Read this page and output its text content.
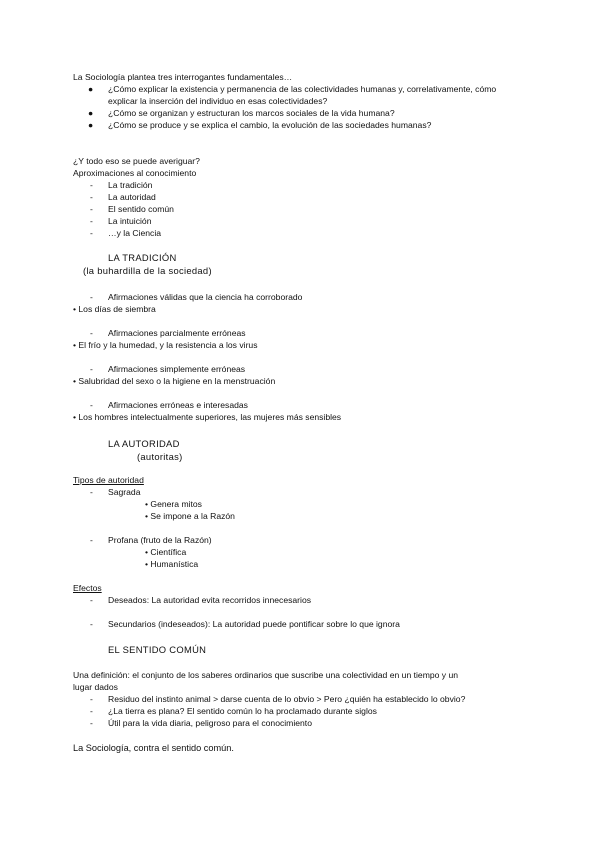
La Sociología plantea tres interrogantes fundamentales…
● ¿Cómo explicar la existencia y permanencia de las colectividades humanas y, correlativamente, cómo
explicar la inserción del individuo en esas colectividades?
● ¿Cómo se organizan y estructuran los marcos sociales de la vida humana?
● ¿Cómo se produce y se explica el cambio, la evolución de las sociedades humanas?
¿Y todo eso se puede averiguar?
Aproximaciones al conocimiento
- La tradición
- La autoridad
- El sentido común
- La intuición
- …y la Ciencia
LA TRADICIÓN
(la buhardilla de la sociedad)
- Afirmaciones válidas que la ciencia ha corroborado
• Los días de siembra
- Afirmaciones parcialmente erróneas
• El frío y la humedad, y la resistencia a los virus
- Afirmaciones simplemente erróneas
• Salubridad del sexo o la higiene en la menstruación
- Afirmaciones erróneas e interesadas
• Los hombres intelectualmente superiores, las mujeres más sensibles
LA AUTORIDAD
(autoritas)
Tipos de autoridad
- Sagrada
• Genera mitos
• Se impone a la Razón
- Profana (fruto de la Razón)
• Científica
• Humanística
Efectos
- Deseados: La autoridad evita recorridos innecesarios
- Secundarios (indeseados): La autoridad puede pontificar sobre lo que ignora
EL SENTIDO COMÚN
Una definición: el conjunto de los saberes ordinarios que suscribe una colectividad en un tiempo y un
lugar dados
- Residuo del instinto animal > darse cuenta de lo obvio > Pero ¿quién ha establecido lo obvio?
- ¿La tierra es plana? El sentido común lo ha proclamado durante siglos
- Útil para la vida diaria, peligroso para el conocimiento
La Sociología, contra el sentido común.
